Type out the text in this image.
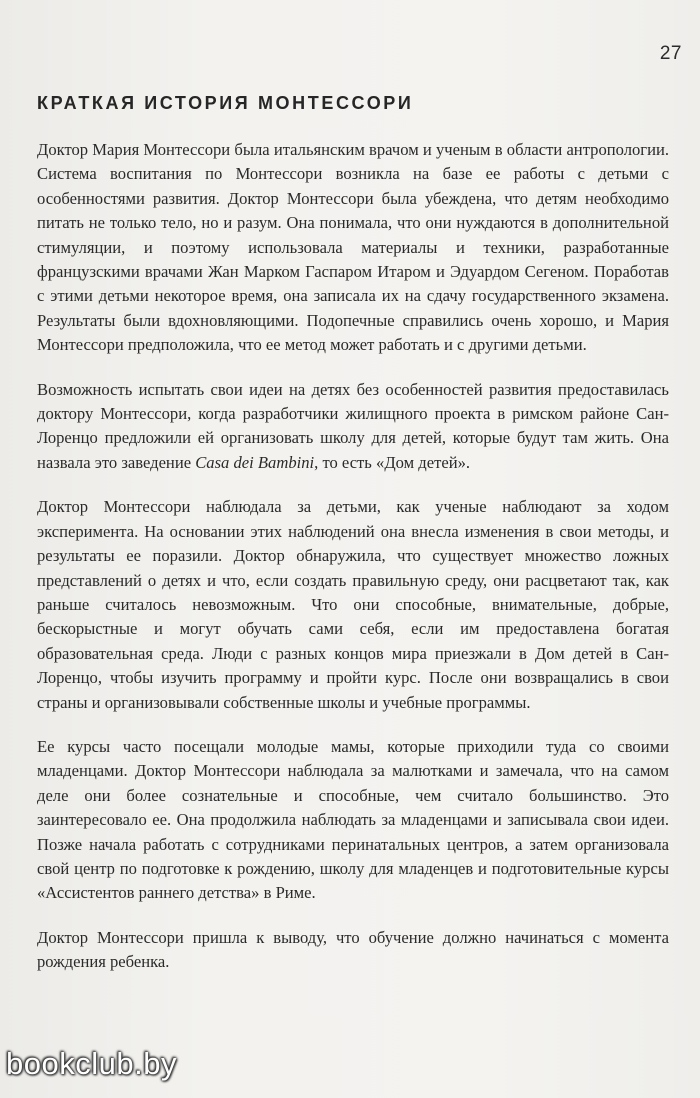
27
КРАТКАЯ ИСТОРИЯ МОНТЕССОРИ

Доктор Мария Монтессори была итальянским врачом и ученым в области антропологии. Система воспитания по Монтессори возникла на базе ее работы с детьми с особенностями развития. Доктор Монтессори была убеждена, что детям необходимо питать не только тело, но и разум. Она понимала, что они нуждаются в дополнительной стимуляции, и поэтому использовала материалы и техники, разработанные французскими врачами Жан Марком Гаспаром Итаром и Эдуардом Сегеном. Поработав с этими детьми некоторое время, она записала их на сдачу государственного экзамена. Результаты были вдохновляющими. Подопечные справились очень хорошо, и Мария Монтессори предположила, что ее метод может работать и с другими детьми.

Возможность испытать свои идеи на детях без особенностей развития предоставилась доктору Монтессори, когда разработчики жилищного проекта в римском районе Сан-Лоренцо предложили ей организовать школу для детей, которые будут там жить. Она назвала это заведение Casa dei Bambini, то есть «Дом детей».

Доктор Монтессори наблюдала за детьми, как ученые наблюдают за ходом эксперимента. На основании этих наблюдений она внесла изменения в свои методы, и результаты ее поразили. Доктор обнаружила, что существует множество ложных представлений о детях и что, если создать правильную среду, они расцветают так, как раньше считалось невозможным. Что они способные, внимательные, добрые, бескорыстные и могут обучать сами себя, если им предоставлена богатая образовательная среда. Люди с разных концов мира приезжали в Дом детей в Сан-Лоренцо, чтобы изучить программу и пройти курс. После они возвращались в свои страны и организовывали собственные школы и учебные программы.

Ее курсы часто посещали молодые мамы, которые приходили туда со своими младенцами. Доктор Монтессори наблюдала за малютками и замечала, что на самом деле они более сознательные и способные, чем считало большинство. Это заинтересовало ее. Она продолжила наблюдать за младенцами и записывала свои идеи. Позже начала работать с сотрудниками перинатальных центров, а затем организовала свой центр по подготовке к рождению, школу для младенцев и подготовительные курсы «Ассистентов раннего детства» в Риме.

Доктор Монтессори пришла к выводу, что обучение должно начинаться с момента рождения ребенка.

bookclub.by
